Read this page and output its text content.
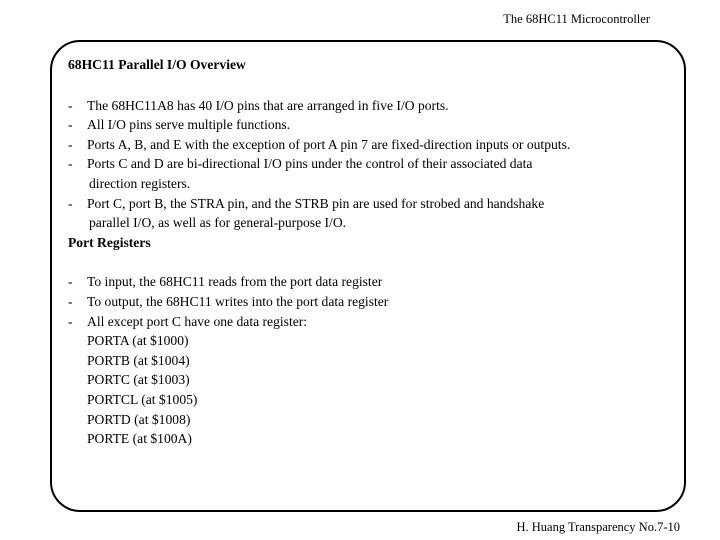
The 68HC11 Microcontroller
68HC11 Parallel I/O Overview
- The 68HC11A8 has 40 I/O pins that are arranged in five I/O ports.
- All I/O pins serve multiple functions.
- Ports A, B, and E with the exception of port A pin 7 are fixed-direction inputs or outputs.
- Ports C and D are bi-directional I/O pins under the control of their associated data
direction registers.
- Port C, port B, the STRA pin, and the STRB pin are used for strobed and handshake
parallel I/O, as well as for general-purpose I/O.
Port Registers
- To input, the 68HC11 reads from the port data register
- To output, the 68HC11 writes into the port data register
- All except port C have one data register:
PORTA (at $1000)
PORTB (at $1004)
PORTC (at $1003)
PORTCL (at $1005)
PORTD (at $1008)
PORTE (at $100A)
H. Huang Transparency No.7-10
